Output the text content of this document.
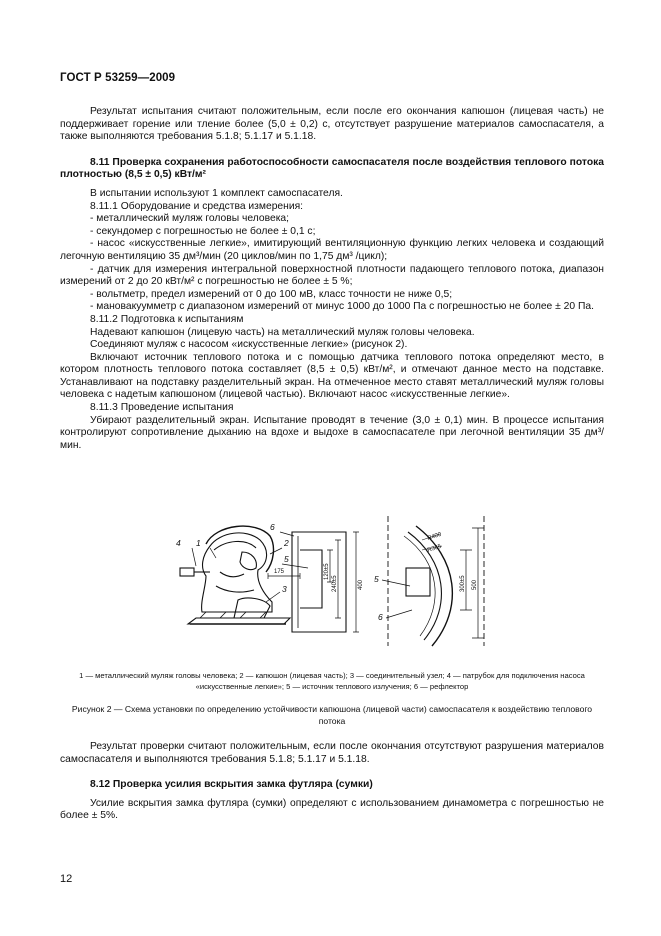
ГОСТ Р 53259—2009

Результат испытания считают положительным, если после его окончания капюшон (лицевая часть) не поддерживает горение или тление более (5,0 ± 0,2) с, отсутствует разрушение материалов самоспасателя, а также выполняются требования 5.1.8; 5.1.17 и 5.1.18.

8.11 Проверка сохранения работоспособности самоспасателя после воздействия теплового потока плотностью (8,5 ± 0,5) кВт/м²

В испытании используют 1 комплект самоспасателя.

8.11.1 Оборудование и средства измерения:

- металлический муляж головы человека;

- секундомер с погрешностью не более ± 0,1 с;

- насос «искусственные легкие», имитирующий вентиляционную функцию легких человека и создающий легочную вентиляцию 35 дм³/мин (20 циклов/мин по 1,75 дм³ /цикл);

- датчик для измерения интегральной поверхностной плотности падающего теплового потока, диапазон измерений от 2 до 20 кВт/м² с погрешностью не более ± 5 %;

- вольтметр, предел измерений от 0 до 100 мВ, класс точности не ниже 0,5;

- мановакуумметр с диапазоном измерений от минус 1000 до 1000 Па с погрешностью не более ± 20 Па.

8.11.2 Подготовка к испытаниям

Надевают капюшон (лицевую часть) на металлический муляж головы человека.

Соединяют муляж с насосом «искусственные легкие» (рисунок 2).

Включают источник теплового потока и с помощью датчика теплового потока определяют место, в котором плотность теплового потока составляет (8,5 ± 0,5) кВт/м², и отмечают данное место на подставке. Устанавливают на подставку разделительный экран. На отмеченное место ставят металлический муляж головы человека с надетым капюшоном (лицевой частью). Включают насос «искусственные легкие».

8.11.3 Проведение испытания

Убирают разделительный экран. Испытание проводят в течение (3,0 ± 0,1) мин. В процессе испытания контролируют сопротивление дыханию на вдохе и выдохе в самоспасателе при легочной вентиляции 35 дм³/мин.

4 1	2
5
3
6
175	120±5
240±5	400
5
6
R400
R365
300±5 500
1 — металлический муляж головы человека; 2 — капюшон (лицевая часть); 3 — соединительный узел; 4 — патрубок для подключения насоса «искусственные легкие»; 5 — источник теплового излучения; 6 — рефлектор
Рисунок 2 — Схема установки по определению устойчивости капюшона (лицевой части) самоспасателя к воздействию теплового потока

Результат проверки считают положительным, если после окончания отсутствуют разрушения материалов самоспасателя и выполняются требования 5.1.8; 5.1.17 и 5.1.18.

8.12 Проверка усилия вскрытия замка футляра (сумки)

Усилие вскрытия замка футляра (сумки) определяют с использованием динамометра с погрешностью не более ± 5%.

12
